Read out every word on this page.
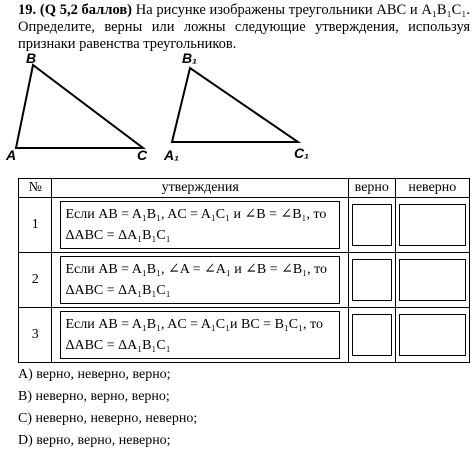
19. (Q 5,2 баллов) На рисунке изображены треугольники ABC и A₁B₁C₁. Определите, верны или ложны следующие утверждения, используя признаки равенства треугольников.
B
A	C
B₁
A₁	C₁
№	утверждения	верно	неверно
1	Если AB = A₁B₁, AC = A₁C₁ и ∠B = ∠B₁, то
ΔABC = ΔA₁B₁C₁		

2	Если AB = A₁B₁, ∠A = ∠A₁ и ∠B = ∠B₁, то
ΔABC = ΔA₁B₁C₁		

3	Если AB = A₁B₁, AC = A₁C₁и BC = B₁C₁, то
ΔABC = ΔA₁B₁C₁		

A) верно, неверно, верно;
B) неверно, верно, верно;
C) неверно, неверно, неверно;
D) верно, верно, неверно;
